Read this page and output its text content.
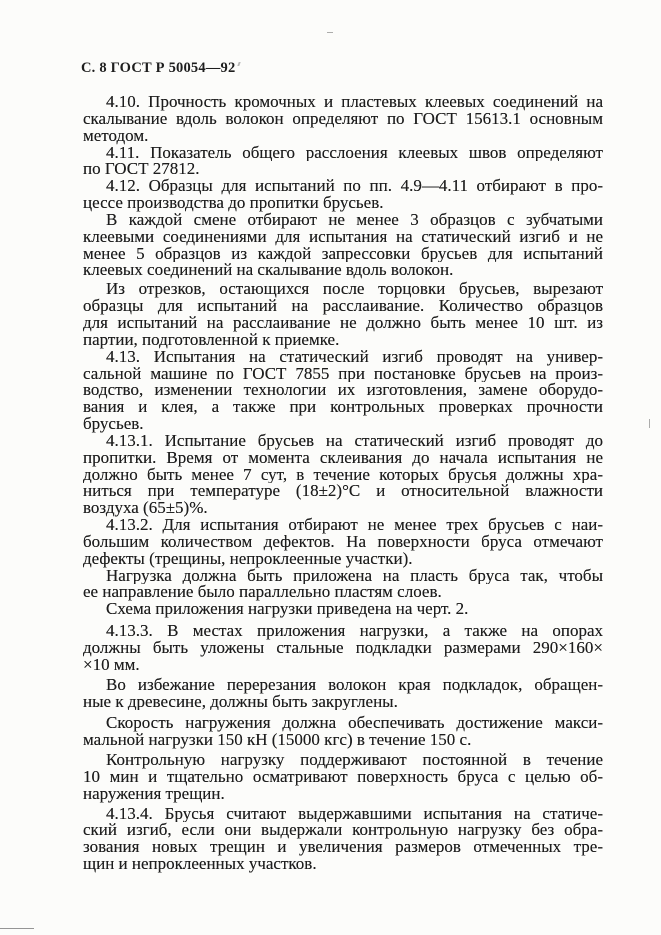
С. 8 ГОСТ Р 50054—92
4.10. Прочность кромочных и пластевых клеевых соединений на
скалывание вдоль волокон определяют по ГОСТ 15613.1 основным
методом.
4.11. Показатель общего расслоения клеевых швов определяют
по ГОСТ 27812.
4.12. Образцы для испытаний по пп. 4.9—4.11 отбирают в про-
цессе производства до пропитки брусьев.
В каждой смене отбирают не менее 3 образцов с зубчатыми
клеевыми соединениями для испытания на статический изгиб и не
менее 5 образцов из каждой запрессовки брусьев для испытаний
клеевых соединений на скалывание вдоль волокон.
Из отрезков, остающихся после торцовки брусьев, вырезают
образцы для испытаний на расслаивание. Количество образцов
для испытаний на расслаивание не должно быть менее 10 шт. из
партии, подготовленной к приемке.
4.13. Испытания на статический изгиб проводят на универ-
сальной машине по ГОСТ 7855 при постановке брусьев на произ-
водство, изменении технологии их изготовления, замене оборудо-
вания и клея, а также при контрольных проверках прочности
брусьев.
4.13.1. Испытание брусьев на статический изгиб проводят до
пропитки. Время от момента склеивания до начала испытания не
должно быть менее 7 сут, в течение которых брусья должны хра-
ниться при температуре (18±2)°С и относительной влажности
воздуха (65±5)%.
4.13.2. Для испытания отбирают не менее трех брусьев с наи-
большим количеством дефектов. На поверхности бруса отмечают
дефекты (трещины, непроклеенные участки).
Нагрузка должна быть приложена на пласть бруса так, чтобы
ее направление было параллельно пластям слоев.
Схема приложения нагрузки приведена на черт. 2.
4.13.3. В местах приложения нагрузки, а также на опорах
должны быть уложены стальные подкладки размерами 290×160×
×10 мм.
Во избежание перерезания волокон края подкладок, обращен-
ные к древесине, должны быть закруглены.
Скорость нагружения должна обеспечивать достижение макси-
мальной нагрузки 150 кН (15000 кгс) в течение 150 с.
Контрольную нагрузку поддерживают постоянной в течение
10 мин и тщательно осматривают поверхность бруса с целью об-
наружения трещин.
4.13.4. Брусья считают выдержавшими испытания на статиче-
ский изгиб, если они выдержали контрольную нагрузку без обра-
зования новых трещин и увеличения размеров отмеченных тре-
щин и непроклеенных участков.
